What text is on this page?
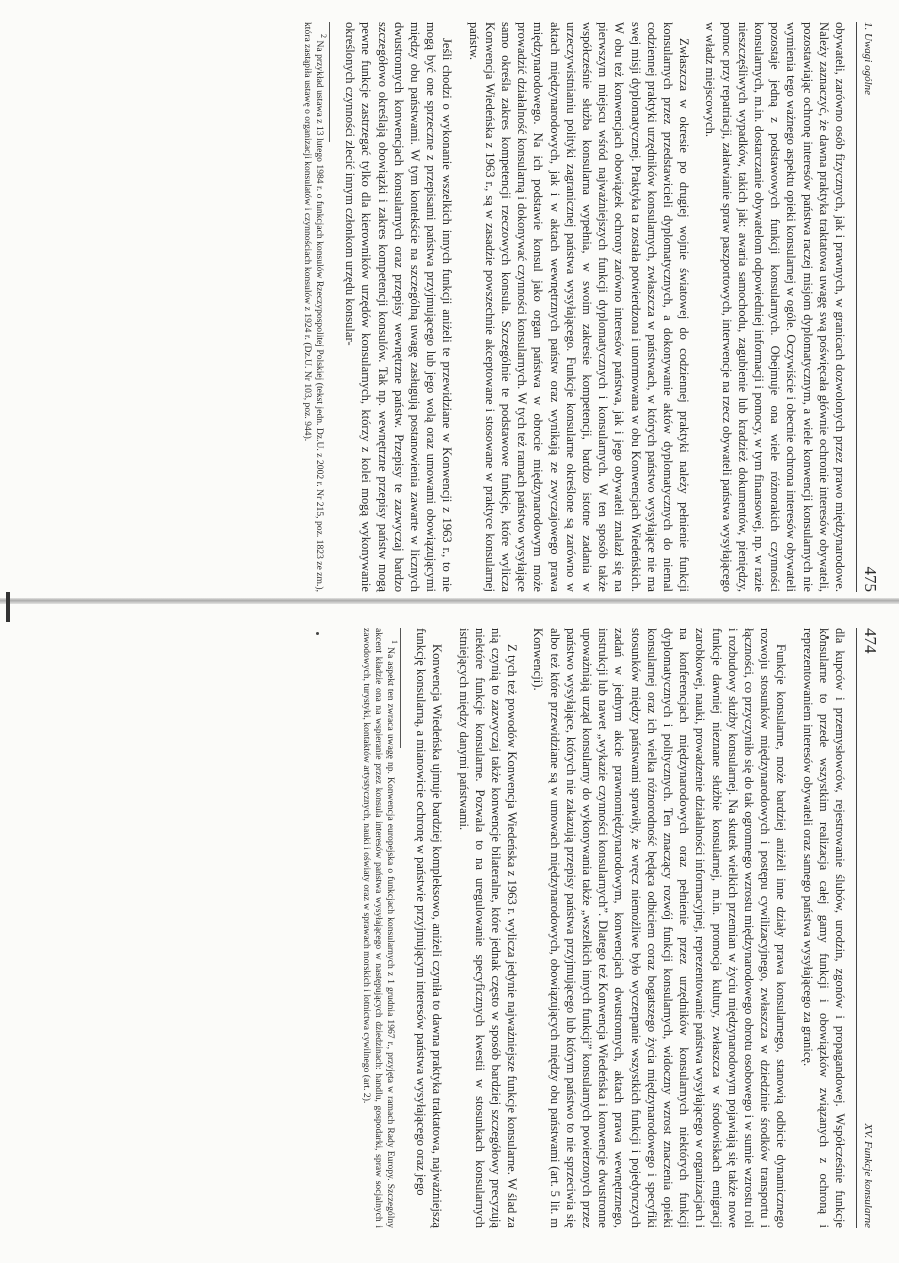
474
XV. Funkcje konsularne

dla kupców i przemysłowców, rejestrowanie ślubów, urodzin, zgonów i propagandowej. Współcześnie funkcje konsularne to przede wszystkim realizacja całej gamy funkcji i obowiązków związanych z ochroną i reprezentowaniem interesów obywateli oraz samego państwa wysyłającego za granicę.

Funkcje konsularne, może bardziej aniżeli inne działy prawa konsularnego, stanowią odbicie dynamicznego rozwoju stosunków międzynarodowych i postępu cywilizacyjnego, zwłaszcza w dziedzinie środków transportu i łączności, co przyczyniło się do tak ogromnego wzrostu międzynarodowego obrotu osobowego i w sumie wzrostu roli i rozbudowy służby konsularnej. Na skutek wielkich przemian w życiu międzynarodowym pojawiają się także nowe funkcje dawniej nieznane służbie konsularnej, m.in. promocja kultury, zwłaszcza w środowiskach emigracji zarobkowej, nauki, prowadzenie działalności informacyjnej, reprezentowanie państwa wysyłającego w organizacjach i na konferencjach międzynarodowych oraz pełnienie przez urzędników konsularnych niektórych funkcji dyplomatycznych i politycznych. Ten znaczący rozwój funkcji konsularnych, widoczny wzrost znaczenia opieki konsularnej oraz ich wielka różnorodność będąca odbiciem coraz bogatszego życia międzynarodowego i specyfiki stosunków między państwami sprawiły, że wręcz niemożliwe było wyczerpanie wszystkich funkcji i pojedynczych zadań w jednym akcie prawnomiędzynarodowym, konwencjach dwustronnych, aktach prawa wewnętrznego, instrukcji lub nawet „wykazie czynności konsularnych”. Dlatego też Konwencja Wiedeńska i konwencje dwustronne upoważniają urząd konsularny do wykonywania także „wszelkich innych funkcji” konsularnych powierzonych przez państwo wysyłające, których nie zakazują przepisy państwa przyjmującego lub którym państwo to nie sprzeciwia się albo też które przewidziane są w umowach międzynarodowych, obowiązujących między obu państwami (art. 5 lit. m Konwencji).

Z tych też powodów Konwencja Wiedeńska z 1963 r. wylicza jedynie najważniejsze funkcje konsularne. W ślad za nią czynią to zazwyczaj także konwencje bilateralne, które jednak często w sposób bardziej szczegółowy precyzują niektóre funkcje konsularne. Pozwala to na uregulowanie specyficznych kwestii w stosunkach konsularnych istniejących między danymi państwami.

Konwencja Wiedeńska ujmuje bardziej kompleksowo, aniżeli czyniła to dawna praktyka traktatowa, najważniejszą funkcję konsularną, a mianowicie ochronę w państwie przyjmującym interesów państwa wysyłającego oraz jego

$^1$ Na aspekt ten zwraca uwagę np. Konwencja europejska o funkcjach konsularnych z 1 grudnia 1967 r., przyjęta w ramach Rady Europy. Szczególny akcent kładzie ona na wspieranie przez konsula interesów państwa wysyłającego w następujących dziedzinach: handlu, gospodarki, spraw socjalnych i zawodowych, turystyki, kontaktów artystycznych, nauki i oświaty oraz w sprawach morskich i lotnictwa cywilnego (art. 2).

1. Uwagi ogólne
475

obywateli, zarówno osób fizycznych, jak i prawnych, w granicach dozwolonych przez prawo międzynarodowe. Należy zaznaczyć, że dawna praktyka traktatowa uwagę swą poświęcała głównie ochronie interesów obywateli, pozostawiając ochronę interesów państwa raczej misjom dyplomatycznym, a wiele konwencji konsularnych nie wymienia tego ważnego aspektu opieki konsularnej w ogóle. Oczywiście i obecnie ochrona interesów obywateli pozostaje jedną z podstawowych funkcji konsularnych. Obejmuje ona wiele różnorakich czynności konsularnych, m.in. dostarczanie obywatelom odpowiedniej informacji i pomocy, w tym finansowej, np. w razie nieszczęśliwych wypadków, takich jak: awaria samochodu, zagubienie lub kradzież dokumentów, pieniędzy, pomoc przy repatriacji, załatwianie spraw paszportowych, interwencje na rzecz obywateli państwa wysyłającego w władz miejscowych.

Zwłaszcza w okresie po drugiej wojnie światowej do codziennej praktyki należy pełnienie funkcji konsularnych przez przedstawicieli dyplomatycznych, a dokonywanie aktów dyplomatycznych do niemal codziennej praktyki urzędników konsularnych, zwłaszcza w państwach, w których państwo wysyłające nie ma swej misji dyplomatycznej. Praktyka ta została potwierdzona i unormowana w obu Konwencjach Wiedeńskich. W obu też konwencjach obowiązek ochrony zarówno interesów państwa, jak i jego obywateli znalazł się na pierwszym miejscu wśród najważniejszych funkcji dyplomatycznych i konsularnych. W ten sposób także współcześnie służba konsularna wypełnia, w swoim zakresie kompetencji, bardzo istotne zadania w urzeczywistnianiu polityki zagranicznej państwa wysyłającego. Funkcje konsularne określone są zarówno w aktach międzynarodowych, jak i w aktach wewnętrznych państw oraz wynikają ze zwyczajowego prawa międzynarodowego. Na ich podstawie konsul jako organ państwa w obrocie międzynarodowym może prowadzić działalność konsularną i dokonywać czynności konsularnych. W tych też ramach państwo wysyłające samo określa zakres kompetencji rzeczowych konsula. Szczególnie te podstawowe funkcje, które wylicza Konwencja Wiedeńska z 1963 r., są w zasadzie powszechnie akceptowane i stosowane w praktyce konsularnej państw.

Jeśli chodzi o wykonanie wszelkich innych funkcji aniżeli te przewidziane w Konwencji z 1963 r., to nie mogą być one sprzeczne z przepisami państwa przyjmującego lub jego wolą oraz umowami obowiązującymi między obu państwami. W tym kontekście na szczególną uwagę zasługują postanowienia zawarte w licznych dwustronnych konwencjach konsularnych oraz przepisy wewnętrzne państw. Przepisy te zazwyczaj bardzo szczegółowo określają obowiązki i zakres kompetencji konsulów. Tak np. wewnętrzne przepisy państw mogą pewne funkcje zastrzegać tylko dla kierowników urzędów konsularnych, którzy z kolei mogą wykonywanie określonych czynności zlecić innym członkom urzędu konsular-

$^2$ Na przykład ustawa z 13 lutego 1984 r. o funkcjach konsulów Rzeczypospolitej Polskiej (tekst jedn. Dz.U. z 2002 r. Nr 215, poz. 1823 ze zm.), która zastąpiła ustawę o organizacji konsulatów i czynnościach konsulów z 1924 r. (Dz.U. Nr 103, poz. 944).
